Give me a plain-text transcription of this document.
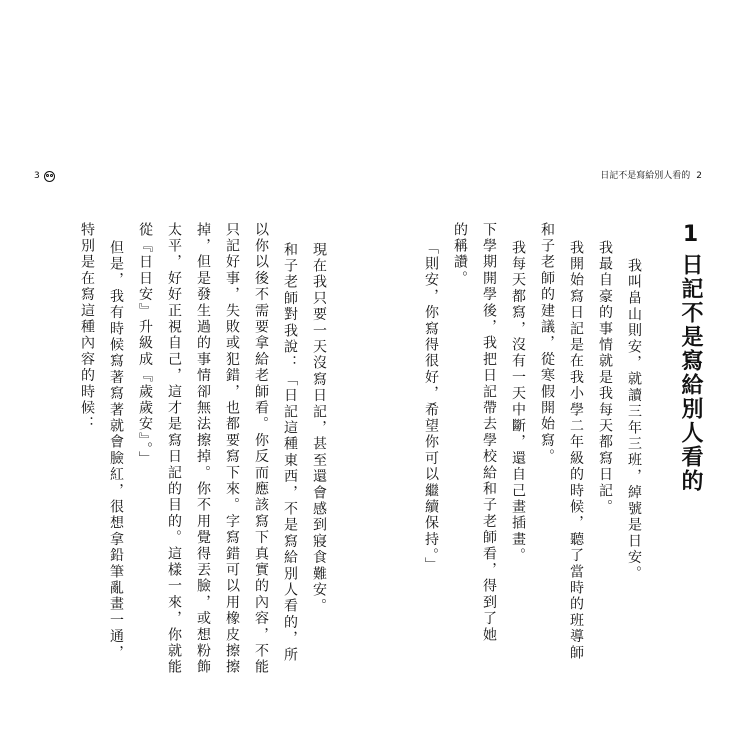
3	日記不是寫給別人看的 2
1日記不是寫給別人看的
我叫畠山則安，就讀三年三班，綽號是日安。
我最自豪的事情就是我每天都寫日記。
我開始寫日記是在我小學二年級的時候，聽了當時的班導師
和子老師的建議，從寒假開始寫。
我每天都寫，沒有一天中斷，還自己畫插畫。
下學期開學後，我把日記帶去學校給和子老師看，得到了她
的稱讚。
「則安，你寫得很好，希望你可以繼續保持。」
現在我只要一天沒寫日記，甚至還會感到寢食難安。
和子老師對我說：「日記這種東西，不是寫給別人看的，所
以你以後不需要拿給老師看。你反而應該寫下真實的內容，不能
只記好事，失敗或犯錯，也都要寫下來。字寫錯可以用橡皮擦擦
掉，但是發生過的事情卻無法擦掉。你不用覺得丟臉，或想粉飾
太平，好好正視自己，這才是寫日記的目的。這樣一來，你就能
從『日日安』升級成『歲歲安』。」
但是，我有時候寫著寫著就會臉紅，很想拿鉛筆亂畫一通，
特別是在寫這種內容的時候：
